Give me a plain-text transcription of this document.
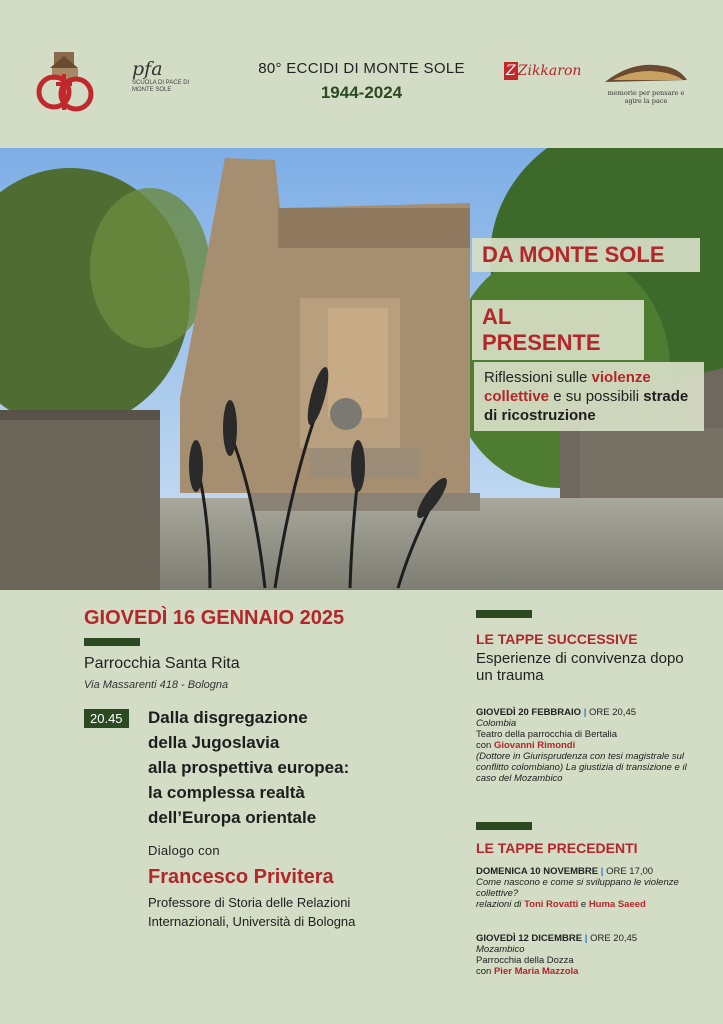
pfa
SCUOLA DI PACE DI MONTE SOLE
80° ECCIDI DI MONTE SOLE
1944-2024
Z Zikkaron
memorie per pensare e agire la pace
DA MONTE SOLE
AL PRESENTE
Riflessioni sulle violenze collettive e su possibili strade di ricostruzione
GIOVEDÌ 16 GENNAIO 2025
Parrocchia Santa Rita
Via Massarenti 418 - Bologna
20.45	Dalla disgregazione
della Jugoslavia
alla prospettiva europea:
la complessa realtà
dell’Europa orientale
Dialogo con
Francesco Privitera
Professore di Storia delle Relazioni Internazionali, Università di Bologna
LE TAPPE SUCCESSIVE
Esperienze di convivenza dopo un trauma
GIOVEDÌ 20 FEBBRAIO | ORE 20,45
Colombia
Teatro della parrocchia di Bertalia
con Giovanni Rimondi
(Dottore in Giurisprudenza con tesi magistrale sul conflitto colombiano) La giustizia di transizione e il caso del Mozambico
LE TAPPE PRECEDENTI
DOMENICA 10 NOVEMBRE | ORE 17,00
Come nascono e come si sviluppano le violenze collettive?
relazioni di Toni Rovatti e Huma Saeed
GIOVEDÌ 12 DICEMBRE | ORE 20,45
Mozambico
Parrocchia della Dozza
con Pier Maria Mazzola
